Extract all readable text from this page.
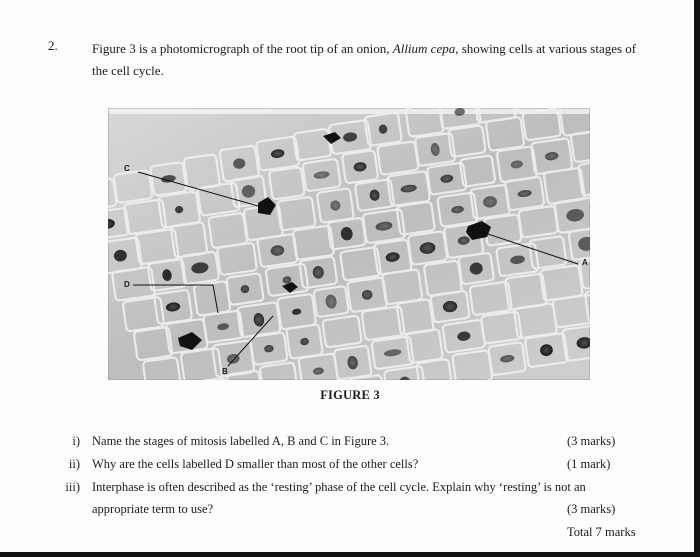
2.	Figure 3 is a photomicrograph of the root tip of an onion, Allium cepa, showing cells at various stages of
the cell cycle.
C
D
B
A
FIGURE 3
i) Name the stages of mitosis labelled A, B and C in Figure 3.	(3 marks)
ii) Why are the cells labelled D smaller than most of the other cells?	(1 mark)
iii) Interphase is often described as the ‘resting’ phase of the cell cycle. Explain why ‘resting’ is not an
appropriate term to use?	(3 marks)
Total 7 marks
